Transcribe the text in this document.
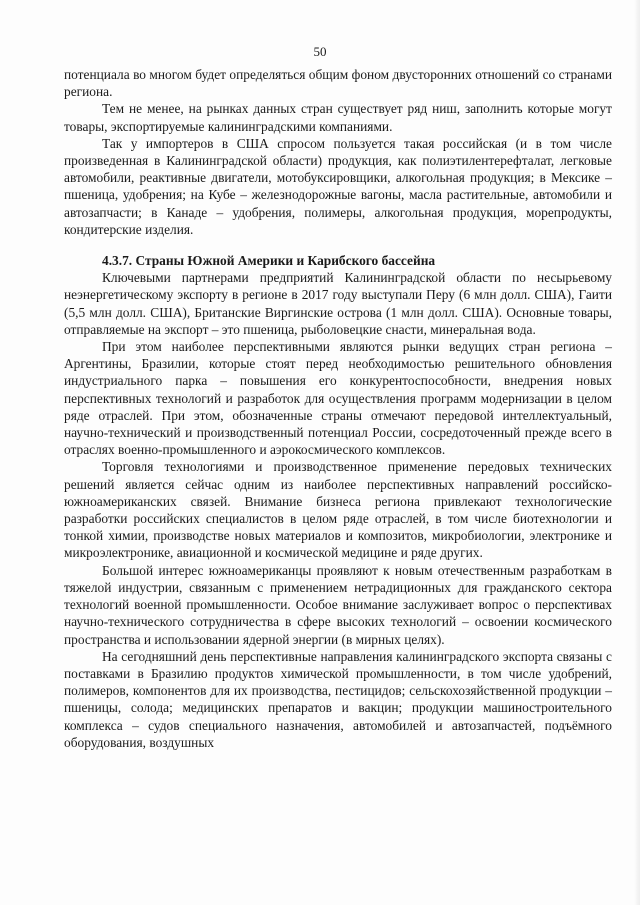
50

потенциала во многом будет определяться общим фоном двусторонних отношений со странами региона.

Тем не менее, на рынках данных стран существует ряд ниш, заполнить которые могут товары, экспортируемые калининградскими компаниями.

Так у импортеров в США спросом пользуется такая российская (и в том числе произведенная в Калининградской области) продукция, как полиэтилентерефталат, легковые автомобили, реактивные двигатели, мотобуксировщики, алкогольная продукция; в Мексике – пшеница, удобрения; на Кубе – железнодорожные вагоны, масла растительные, автомобили и автозапчасти; в Канаде – удобрения, полимеры, алкогольная продукция, морепродукты, кондитерские изделия.

4.3.7. Страны Южной Америки и Карибского бассейна

Ключевыми партнерами предприятий Калининградской области по несырьевому неэнергетическому экспорту в регионе в 2017 году выступали Перу (6 млн долл. США), Гаити (5,5 млн долл. США), Британские Виргинские острова (1 млн долл. США). Основные товары, отправляемые на экспорт – это пшеница, рыболовецкие снасти, минеральная вода.

При этом наиболее перспективными являются рынки ведущих стран региона – Аргентины, Бразилии, которые стоят перед необходимостью решительного обновления индустриального парка – повышения его конкурентоспособности, внедрения новых перспективных технологий и разработок для осуществления программ модернизации в целом ряде отраслей. При этом, обозначенные страны отмечают передовой интеллектуальный, научно-технический и производственный потенциал России, сосредоточенный прежде всего в отраслях военно-промышленного и аэрокосмического комплексов.

Торговля технологиями и производственное применение передовых технических решений является сейчас одним из наиболее перспективных направлений российско-южноамериканских связей. Внимание бизнеса региона привлекают технологические разработки российских специалистов в целом ряде отраслей, в том числе биотехнологии и тонкой химии, производстве новых материалов и композитов, микробиологии, электронике и микроэлектронике, авиационной и космической медицине и ряде других.

Большой интерес южноамериканцы проявляют к новым отечественным разработкам в тяжелой индустрии, связанным с применением нетрадиционных для гражданского сектора технологий военной промышленности. Особое внимание заслуживает вопрос о перспективах научно-технического сотрудничества в сфере высоких технологий – освоении космического пространства и использовании ядерной энергии (в мирных целях).

На сегодняшний день перспективные направления калининградского экспорта связаны с поставками в Бразилию продуктов химической промышленности, в том числе удобрений, полимеров, компонентов для их производства, пестицидов; сельскохозяйственной продукции – пшеницы, солода; медицинских препаратов и вакцин; продукции машиностроительного комплекса – судов специального назначения, автомобилей и автозапчастей, подъёмного оборудования, воздушных
